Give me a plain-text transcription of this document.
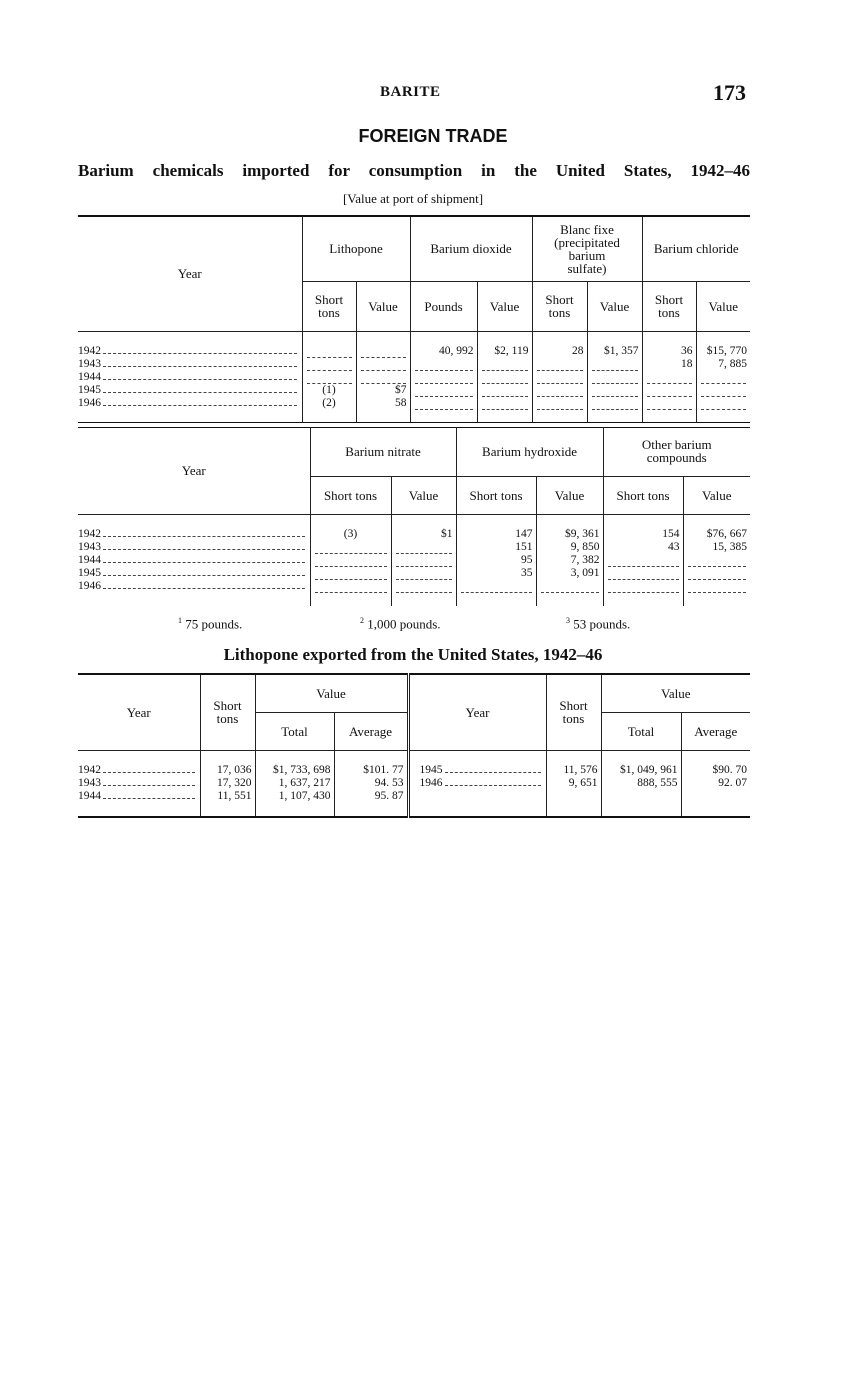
BARITE	173
FOREIGN TRADE
Barium chemicals imported for consumption in the United States, 1942–46
[Value at port of shipment]
Year	Lithopone		Barium dioxide		Blanc fixe (precipitated barium sulfate)		Barium chloride	
	Short tons	Value	Pounds	Value	Short tons	Value	Short tons	Value

1942			40, 992	$2, 119	28	$1, 357	36	$15, 770

1943							18	7, 885

1944								

1945	(1)	$7	

1946	(2)	58	

Year	Barium nitrate		Barium hydroxide		Other barium compounds	
	Short tons	Value	Short tons	Value	Short tons	Value

1942	(3)	$1	147	$9, 361	154	$76, 667

1943			151	9, 850	43	15, 385

1944			95	7, 382	

1945			35	3, 091	

1946						

$^1$ 75 pounds.	$^2$ 1,000 pounds.	$^3$ 53 pounds.
Lithopone exported from the United States, 1942–46
Year	Short tons	Value		Year	Short tons	Value	
		Total	Average			Total	Average

1942	17, 036	$1, 733, 698	$101. 77	1945	11, 576	$1, 049, 961	$90. 70

1943	17, 320	1, 637, 217	94. 53	1946	9, 651	888, 555	92. 07

1944	11, 551	1, 107, 430	95. 87				
